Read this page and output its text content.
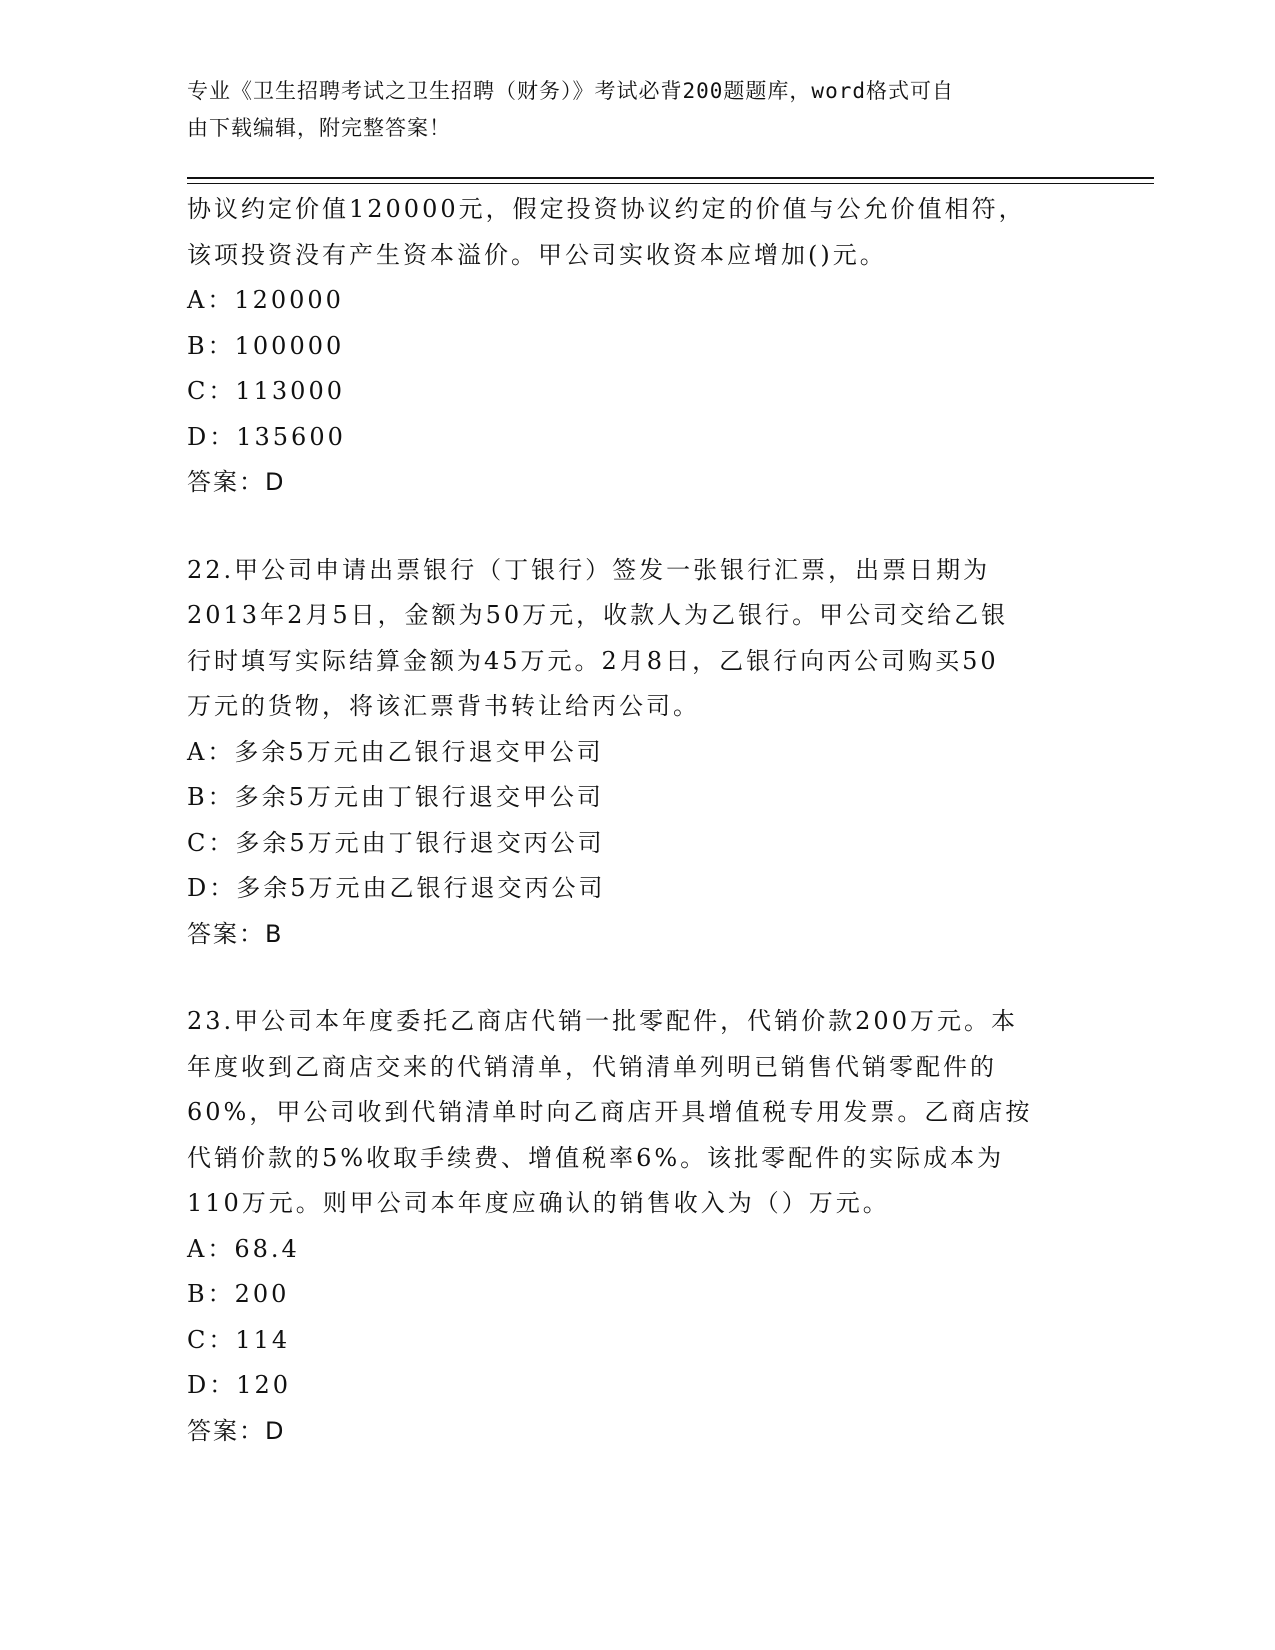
专业《卫生招聘考试之卫生招聘（财务）》考试必背200题题库，word格式可自
由下载编辑，附完整答案！
协议约定价值120000元，假定投资协议约定的价值与公允价值相符，
该项投资没有产生资本溢价。甲公司实收资本应增加()元。
A：120000
B：100000
C：113000
D：135600
答案：D
22.甲公司申请出票银行（丁银行）签发一张银行汇票，出票日期为
2013年2月5日，金额为50万元，收款人为乙银行。甲公司交给乙银
行时填写实际结算金额为45万元。2月8日，乙银行向丙公司购买50
万元的货物，将该汇票背书转让给丙公司。
A：多余5万元由乙银行退交甲公司
B：多余5万元由丁银行退交甲公司
C：多余5万元由丁银行退交丙公司
D：多余5万元由乙银行退交丙公司
答案：B
23.甲公司本年度委托乙商店代销一批零配件，代销价款200万元。本
年度收到乙商店交来的代销清单，代销清单列明已销售代销零配件的
60%，甲公司收到代销清单时向乙商店开具增值税专用发票。乙商店按
代销价款的5%收取手续费、增值税率6%。该批零配件的实际成本为
110万元。则甲公司本年度应确认的销售收入为（）万元。
A：68.4
B：200
C：114
D：120
答案：D
